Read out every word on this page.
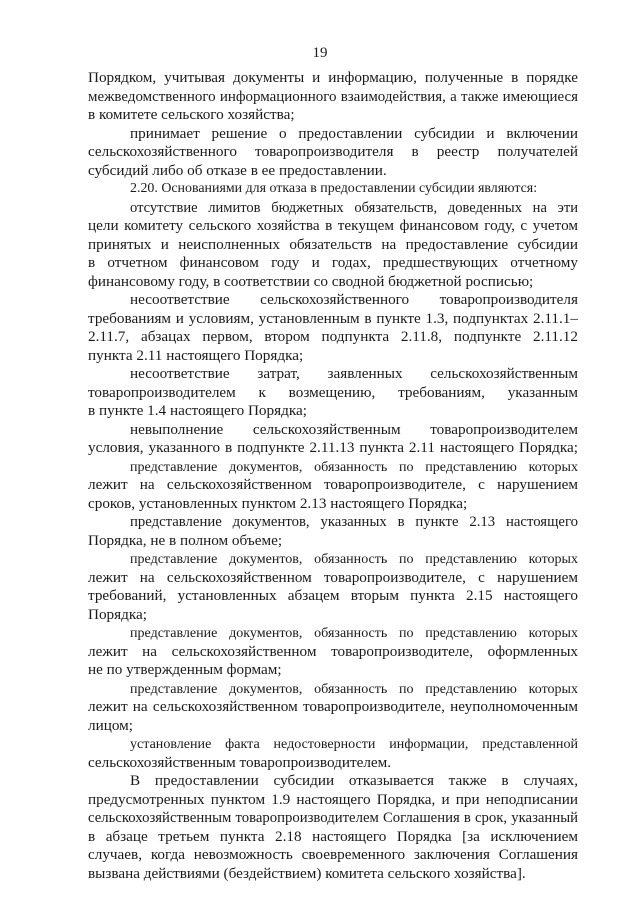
19
Порядком, учитывая документы и информацию, полученные в порядке
межведомственного информационного взаимодействия, а также имеющиеся
в комитете сельского хозяйства;
принимает решение о предоставлении субсидии и включении
сельскохозяйственного товаропроизводителя в реестр получателей
субсидий либо об отказе в ее предоставлении.
2.20. Основаниями для отказа в предоставлении субсидии являются:
отсутствие лимитов бюджетных обязательств, доведенных на эти
цели комитету сельского хозяйства в текущем финансовом году, с учетом
принятых и неисполненных обязательств на предоставление субсидии
в отчетном финансовом году и годах, предшествующих отчетному
финансовому году, в соответствии со сводной бюджетной росписью;
несоответствие сельскохозяйственного товаропроизводителя
требованиям и условиям, установленным в пункте 1.3, подпунктах 2.11.1–
2.11.7, абзацах первом, втором подпункта 2.11.8, подпункте 2.11.12
пункта 2.11 настоящего Порядка;
несоответствие затрат, заявленных сельскохозяйственным
товаропроизводителем к возмещению, требованиям, указанным
в пункте 1.4 настоящего Порядка;
невыполнение сельскохозяйственным товаропроизводителем
условия, указанного в подпункте 2.11.13 пункта 2.11 настоящего Порядка;
представление документов, обязанность по представлению которых
лежит на сельскохозяйственном товаропроизводителе, с нарушением
сроков, установленных пунктом 2.13 настоящего Порядка;
представление документов, указанных в пункте 2.13 настоящего
Порядка, не в полном объеме;
представление документов, обязанность по представлению которых
лежит на сельскохозяйственном товаропроизводителе, с нарушением
требований, установленных абзацем вторым пункта 2.15 настоящего
Порядка;
представление документов, обязанность по представлению которых
лежит на сельскохозяйственном товаропроизводителе, оформленных
не по утвержденным формам;
представление документов, обязанность по представлению которых
лежит на сельскохозяйственном товаропроизводителе, неуполномоченным
лицом;
установление факта недостоверности информации, представленной
сельскохозяйственным товаропроизводителем.
В предоставлении субсидии отказывается также в случаях,
предусмотренных пунктом 1.9 настоящего Порядка, и при неподписании
сельскохозяйственным товаропроизводителем Соглашения в срок, указанный
в абзаце третьем пункта 2.18 настоящего Порядка [за исключением
случаев, когда невозможность своевременного заключения Соглашения
вызвана действиями (бездействием) комитета сельского хозяйства].
